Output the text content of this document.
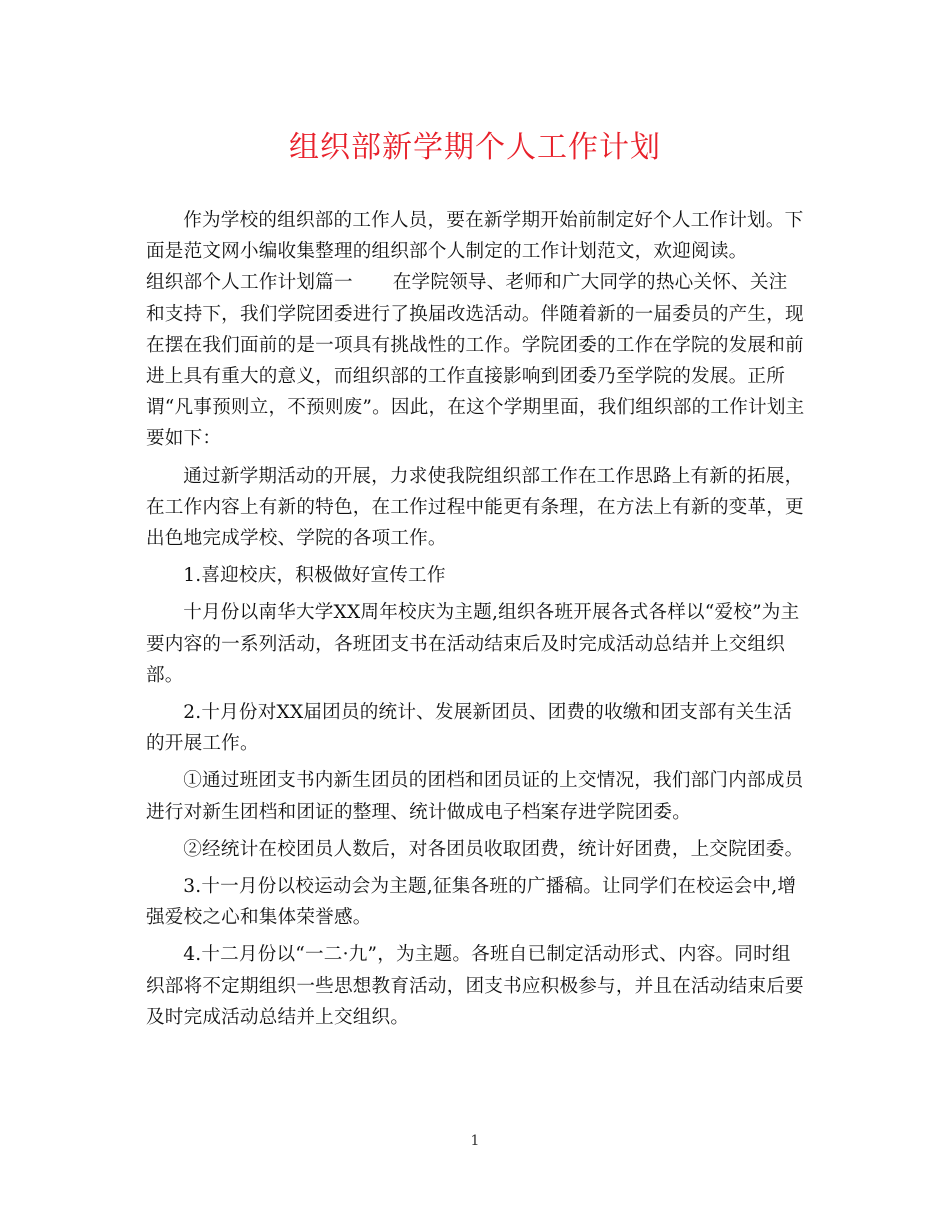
组织部新学期个人工作计划

作为学校的组织部的工作人员，要在新学期开始前制定好个人工作计划。下面是范文网小编收集整理的组织部个人制定的工作计划范文，欢迎阅读。

组织部个人工作计划篇一 在学院领导、老师和广大同学的热心关怀、关注和支持下，我们学院团委进行了换届改选活动。伴随着新的一届委员的产生，现在摆在我们面前的是一项具有挑战性的工作。学院团委的工作在学院的发展和前进上具有重大的意义，而组织部的工作直接影响到团委乃至学院的发展。正所谓“凡事预则立，不预则废”。因此，在这个学期里面，我们组织部的工作计划主要如下：

通过新学期活动的开展，力求使我院组织部工作在工作思路上有新的拓展，在工作内容上有新的特色，在工作过程中能更有条理，在方法上有新的变革，更出色地完成学校、学院的各项工作。

1.喜迎校庆，积极做好宣传工作

十月份以南华大学XX周年校庆为主题,组织各班开展各式各样以“爱校”为主要内容的一系列活动，各班团支书在活动结束后及时完成活动总结并上交组织部。

2.十月份对XX届团员的统计、发展新团员、团费的收缴和团支部有关生活的开展工作。

①通过班团支书内新生团员的团档和团员证的上交情况，我们部门内部成员进行对新生团档和团证的整理、统计做成电子档案存进学院团委。

②经统计在校团员人数后，对各团员收取团费，统计好团费，上交院团委。

3.十一月份以校运动会为主题,征集各班的广播稿。让同学们在校运会中,增强爱校之心和集体荣誉感。

4.十二月份以“一二·九”，为主题。各班自已制定活动形式、内容。同时组织部将不定期组织一些思想教育活动，团支书应积极参与，并且在活动结束后要及时完成活动总结并上交组织。

1
